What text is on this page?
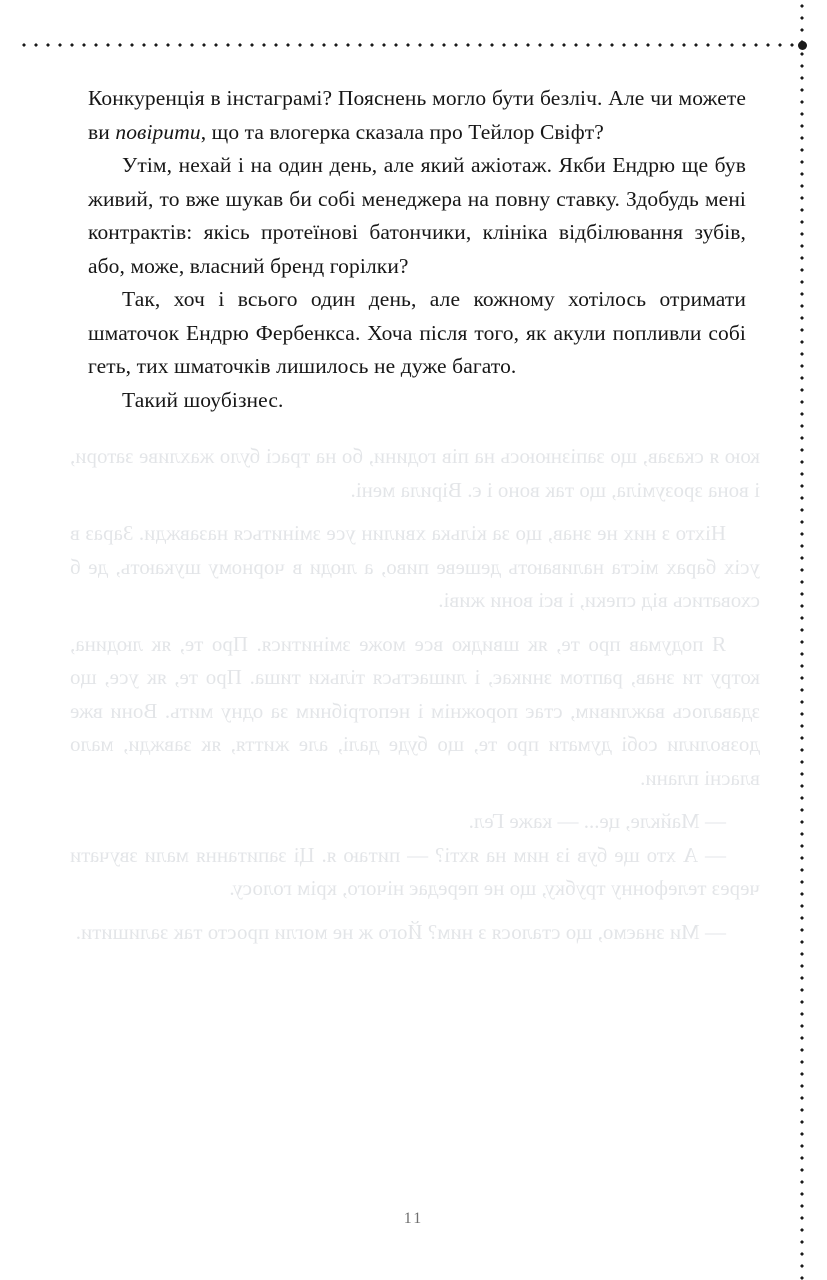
кою я сказав, що запізнююсь на пів години, бо на трасі було жахливе затори, і вона зрозуміла, що так воно і є. Вірила мені.

Ніхто з них не знав, що за кілька хвилин усе зміниться назавжди. Зараз в усіх барах міста наливають дешеве пиво, а люди в чорному шукають, де б сховатись від спеки, і всі вони живі.

Я подумав про те, як швидко все може змінитися. Про те, як людина, котру ти знав, раптом зникає, і лишається тільки тиша. Про те, як усе, що здавалось важливим, стає порожнім і непотрібним за одну мить. Вони вже дозволили собі думати про те, що буде далі, але життя, як завжди, мало власні плани.

— Майкле, це... — каже Гел.

— А хто ще був із ним на яхті? — питаю я. Ці запитання мали звучати через телефонну трубку, що не передає нічого, крім голосу.

— Ми знаємо, що сталося з ним? Його ж не могли просто так залишити.

Конкуренція в інстаграмі? Пояснень могло бути безліч. Але чи можете ви повірити, що та влогерка сказала про Тейлор Свіфт?

Утім, нехай і на один день, але який ажіотаж. Якби Ендрю ще був живий, то вже шукав би собі менеджера на повну ставку. Здобудь мені контрактів: якісь протеїнові батончики, клініка відбілювання зубів, або, може, власний бренд горілки?

Так, хоч і всього один день, але кожному хотілось отримати шматочок Ендрю Фербенкса. Хоча після того, як акули попливли собі геть, тих шматочків лишилось не дуже багато.

Такий шоубізнес.

11
